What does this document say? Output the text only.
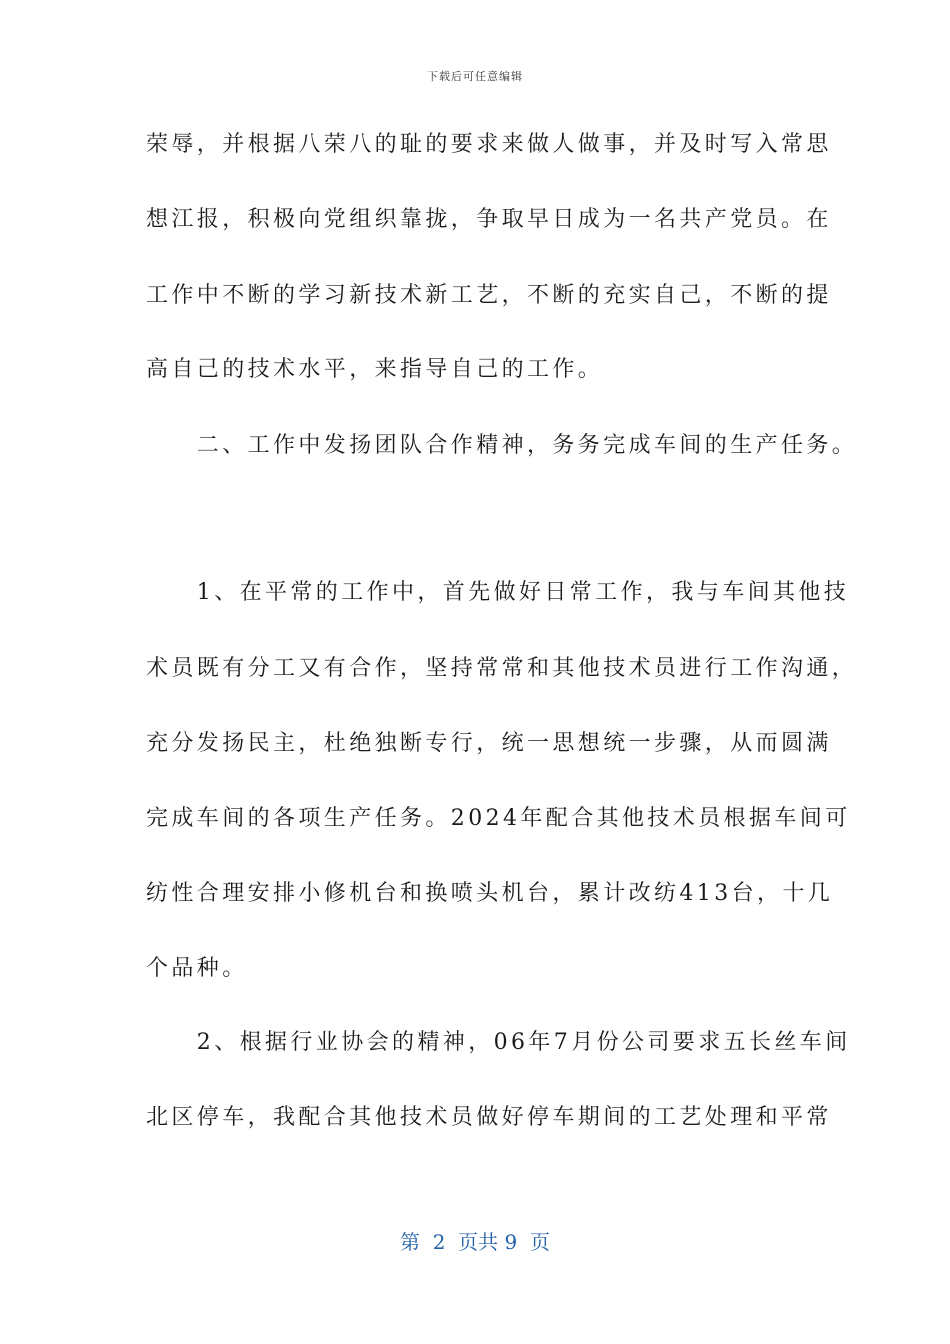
下载后可任意编辑
荣辱，并根据八荣八的耻的要求来做人做事，并及时写入常思
想江报，积极向党组织靠拢，争取早日成为一名共产党员。在
工作中不断的学习新技术新工艺，不断的充实自己，不断的提
高自己的技术水平，来指导自己的工作。
　　二、工作中发扬团队合作精神，务务完成车间的生产任务。
　　1、在平常的工作中，首先做好日常工作，我与车间其他技
术员既有分工又有合作，坚持常常和其他技术员进行工作沟通，
充分发扬民主，杜绝独断专行，统一思想统一步骤，从而圆满
完成车间的各项生产任务。2024年配合其他技术员根据车间可
纺性合理安排小修机台和换喷头机台，累计改纺413台，十几
个品种。
　　2、根据行业协会的精神，06年7月份公司要求五长丝车间
北区停车，我配合其他技术员做好停车期间的工艺处理和平常
第  2  页共 9  页
